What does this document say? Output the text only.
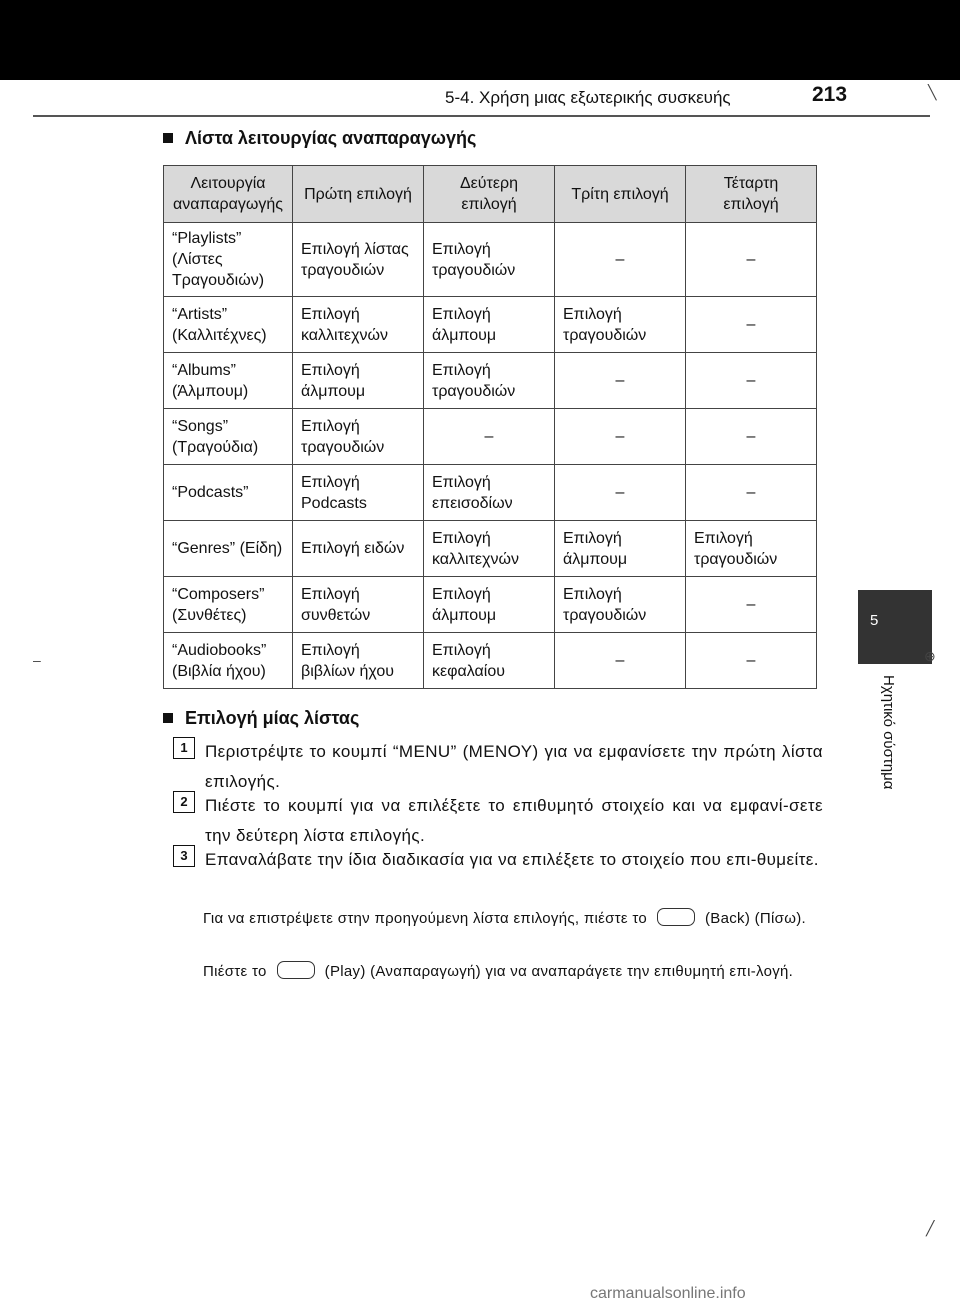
5-4. Χρήση μιας εξωτερικής συσκευής	213
5
Ηχητικό σύστημα
╲
–	⊕
╱
Λίστα λειτουργίας αναπαραγωγής
Λειτουργία αναπαραγωγής	Πρώτη επιλογή	Δεύτερη επιλογή	Τρίτη επιλογή	Τέταρτη επιλογή
“Playlists” (Λίστες Τραγουδιών)	Επιλογή λίστας τραγουδιών	Επιλογή τραγουδιών	–	–
“Artists” (Καλλιτέχνες)	Επιλογή καλλιτεχνών	Επιλογή άλμπουμ	Επιλογή τραγουδιών	–
“Albums” (Άλμπουμ)	Επιλογή άλμπουμ	Επιλογή τραγουδιών	–	–
“Songs” (Τραγούδια)	Επιλογή τραγουδιών	–	–	–
“Podcasts”	Επιλογή Podcasts	Επιλογή επεισοδίων	–	–
“Genres” (Είδη)	Επιλογή ειδών	Επιλογή καλλιτεχνών	Επιλογή άλμπουμ	Επιλογή τραγουδιών
“Composers” (Συνθέτες)	Επιλογή συνθετών	Επιλογή άλμπουμ	Επιλογή τραγουδιών	–
“Audiobooks” (Βιβλία ήχου)	Επιλογή βιβλίων ήχου	Επιλογή κεφαλαίου	–	–
Επιλογή μίας λίστας
1	Περιστρέψτε το κουμπί “MENU” (ΜΕΝΟΥ) για να εμφανίσετε την πρώτη λίστα επιλογής.
2	Πιέστε το κουμπί για να επιλέξετε το επιθυμητό στοιχείο και να εμφανί-σετε την δεύτερη λίστα επιλογής.
3	Επαναλάβατε την ίδια διαδικασία για να επιλέξετε το στοιχείο που επι-θυμείτε.
Για να επιστρέψετε στην προηγούμενη λίστα επιλογής, πιέστε το	(Back) (Πίσω).
Πιέστε το	(Play) (Αναπαραγωγή) για να αναπαράγετε την επιθυμητή επι-λογή.
carmanualsonline.info
